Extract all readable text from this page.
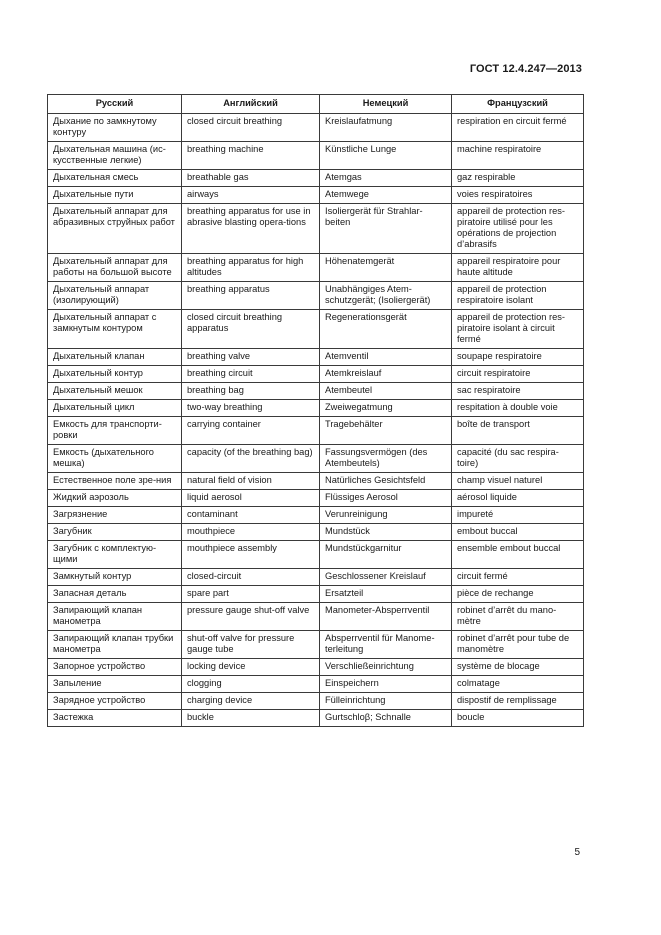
ГОСТ 12.4.247—2013
Русский	Английский	Немецкий	Французский
Дыхание по замкнутому контуру	closed circuit breathing	Kreislaufatmung	respiration en circuit fermé
Дыхательная машина (ис-кусственные легкие)	breathing machine	Künstliche Lunge	machine respiratoire
Дыхательная смесь	breathable gas	Atemgas	gaz respirable
Дыхательные пути	airways	Atemwege	voies respiratoires
Дыхательный аппарат для абразивных струйных работ	breathing apparatus for use in abrasive blasting opera-tions	Isoliergerät für Strahlar-beiten	appareil de protection res-piratoire utilisé pour les opérations de projection d’abrasifs
Дыхательный аппарат для работы на большой высоте	breathing apparatus for high altitudes	Höhenatemgerät	appareil respiratoire pour haute altitude
Дыхательный аппарат (изолирующий)	breathing apparatus	Unabhängiges Atem-schutzgerät; (Isoliergerät)	appareil de protection respiratoire isolant
Дыхательный аппарат с замкнутым контуром	closed circuit breathing apparatus	Regenerationsgerät	appareil de protection res-piratoire isolant à circuit fermé
Дыхательный клапан	breathing valve	Atemventil	soupape respiratoire
Дыхательный контур	breathing circuit	Atemkreislauf	circuit respiratoire
Дыхательный мешок	breathing bag	Atembeutel	sac respiratoire
Дыхательный цикл	two-way breathing	Zweiwegatmung	respitation à double voie
Емкость для транспорти-ровки	carrying container	Tragebehälter	boîte de transport
Емкость (дыхательного мешка)	capacity (of the breathing bag)	Fassungsvermögen (des Atembeutels)	capacité (du sac respira-toire)
Естественное поле зре-ния	natural field of vision	Natürliches Gesichtsfeld	champ visuel naturel
Жидкий аэрозоль	liquid aerosol	Flüssiges Aerosol	aérosol liquide
Загрязнение	contaminant	Verunreinigung	impureté
Загубник	mouthpiece	Mundstück	embout buccal
Загубник с комплектую-щими	mouthpiece assembly	Mundstückgarnitur	ensemble embout buccal
Замкнутый контур	closed-circuit	Geschlossener Kreislauf	circuit fermé
Запасная деталь	spare part	Ersatzteil	pièce de rechange
Запирающий клапан манометра	pressure gauge shut-off valve	Manometer-Absperrventil	robinet d’arrêt du mano-mètre
Запирающий клапан трубки манометра	shut-off valve for pressure gauge tube	Absperrventil für Manome-terleitung	robinet d’arrêt pour tube de manomètre
Запорное устройство	locking device	Verschließeinrichtung	système de blocage
Запыление	clogging	Einspeichern	colmatage
Зарядное устройство	charging device	Fülleinrichtung	dispostif de remplissage
Застежка	buckle	Gurtschloβ; Schnalle	boucle
5
